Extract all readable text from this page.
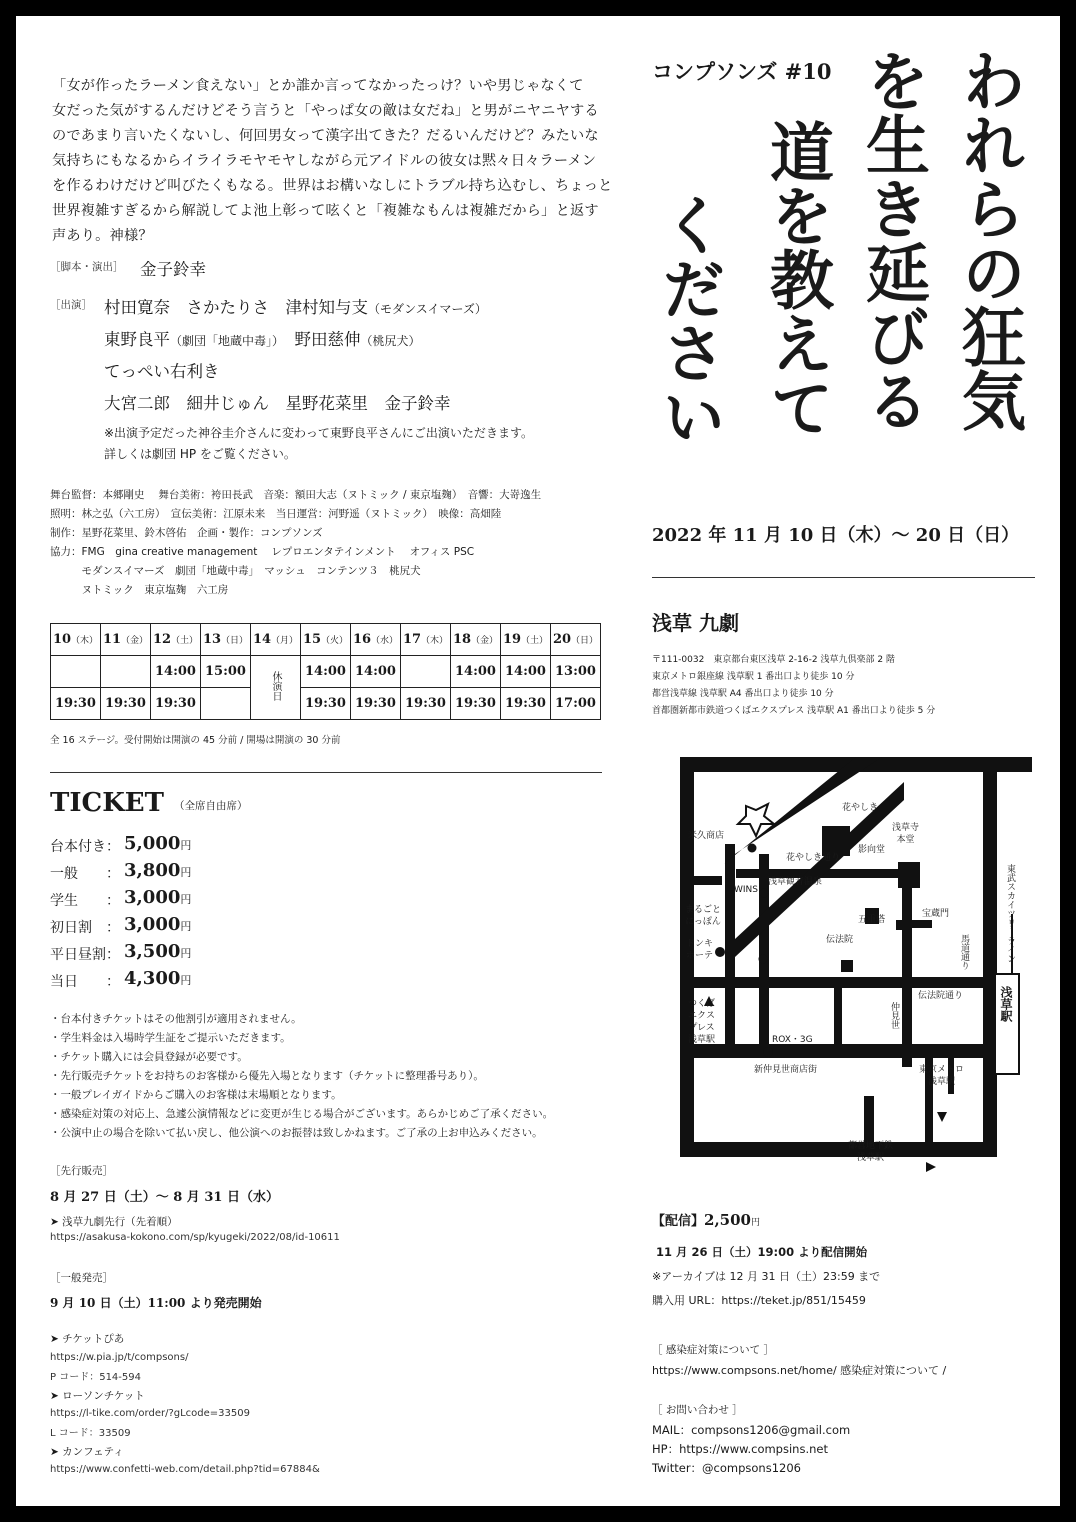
「女が作ったラーメン食えない」とか誰か言ってなかったっけ？いや男じゃなくて

女だった気がするんだけどそう言うと「やっぱ女の敵は女だね」と男がニヤニヤする

のであまり言いたくないし、何回男女って漢字出てきた？だるいんだけど？みたいな

気持ちにもなるからイライラモヤモヤしながら元アイドルの彼女は黙々日々ラーメン

を作るわけだけど叫びたくもなる。世界はお構いなしにトラブル持ち込むし、ちょっと

世界複雑すぎるから解説してよ池上彰って呟くと「複雑なもんは複雑だから」と返す

声あり。神様？

［脚本・演出］ 金子鈴幸
［出演］ 村田寛奈　さかたりさ　津村知与支（モダンスイマーズ）
東野良平（劇団「地蔵中毒」）　野田慈伸（桃尻犬）
てっぺい右利き
大宮二郎　細井じゅん　星野花菜里　金子鈴幸
※出演予定だった神谷圭介さんに変わって東野良平さんにご出演いただきます。
詳しくは劇団 HP をご覧ください。
舞台監督：本郷剛史　 舞台美術：袴田長武　音楽：額田大志（ヌトミック / 東京塩麹）　音響：大嵜逸生
照明：林之弘（六工房）　宣伝美術：江原未来　当日運営：河野遥（ヌトミック）　映像：高畑陸
制作：星野花菜里、鈴木啓佑　企画・製作：コンプソンズ
協力：FMG　gina creative management　 レプロエンタテインメント　 オフィス PSC
　　　モダンスイマーズ　劇団「地蔵中毒」　マッシュ　コンテンツ３　桃尻犬
　　　ヌトミック　東京塩麹　六工房
10（木）	11（金）	12（土）	13（日）	14（月）	15（火）	16（水）	17（木）	18（金）	19（土）	20（日）
		14:00	15:00	休演日	14:00	14:00		14:00	14:00	13:00
19:30	19:30	19:30			19:30	19:30	19:30	19:30	19:30	17:00
全 16 ステージ。受付開始は開演の 45 分前 / 開場は開演の 30 分前
TICKET （全席自由席）
台本付き： 5,000円
一般　　： 3,800円
学生　　： 3,000円
初日割　： 3,000円
平日昼割： 3,500円
当日　　： 4,300円
・台本付きチケットはその他割引が適用されません。
・学生料金は入場時学生証をご提示いただきます。
・チケット購入には会員登録が必要です。
・先行販売チケットをお持ちのお客様から優先入場となります（チケットに整理番号あり）。
・一般プレイガイドからご購入のお客様は末場順となります。
・感染症対策の対応上、急遽公演情報などに変更が生じる場合がございます。あらかじめご了承ください。
・公演中止の場合を除いて払い戻し、他公演へのお振替は致しかねます。ご了承の上お申込みください。
［先行販売］
8 月 27 日（土）～ 8 月 31 日（水）
➤ 浅草九劇先行（先着順）
https://asakusa-kokono.com/sp/kyugeki/2022/08/id-10611
［一般発売］
9 月 10 日（土）11:00 より発売開始
➤ チケットぴあ
https://w.pia.jp/t/compsons/
P コード：514-594
➤ ローソンチケット
https://l-tike.com/order/?gLcode=33509
L コード：33509
➤ カンフェティ
https://www.confetti-web.com/detail.php?tid=67884&
コンプソンズ #10 われらの狂気
を生き延びる
道を教えて
ください
2022 年 11 月 10 日（木）～ 20 日（日）
浅草 九劇
〒111-0032　東京都台東区浅草 2-16-2 浅草九倶楽部 2 階
東京メトロ銀座線 浅草駅 1 番出口より徒歩 10 分
都営浅草線 浅草駅 A4 番出口より徒歩 10 分
首都圏新都市鉄道つくばエクスプレス 浅草駅 A1 番出口より徒歩 5 分
花やしき
浅草寺
本堂
米久商店
花やしき通り
影向堂
浅草観音温泉
WINS
五重塔
宝蔵門
まるごと
にっぽん
伝法院
ドンキ
ホーテ
つくば
エクス
プレス
浅草駅	ROX・3G
伝法院通り
仲見世
馬道通り	東武スカイツリーライン
浅草駅
新仲見世商店街	東京メトロ
浅草駅
都営地下鉄
浅草駅
【配信】2,500円
11 月 26 日（土）19:00 より配信開始
※アーカイブは 12 月 31 日（土）23:59 まで
購入用 URL：https://teket.jp/851/15459
［ 感染症対策について ］
https://www.compsons.net/home/ 感染症対策について /
［ お問い合わせ ］
MAIL：compsons1206@gmail.com
HP：https://www.compsins.net
Twitter：@compsons1206
